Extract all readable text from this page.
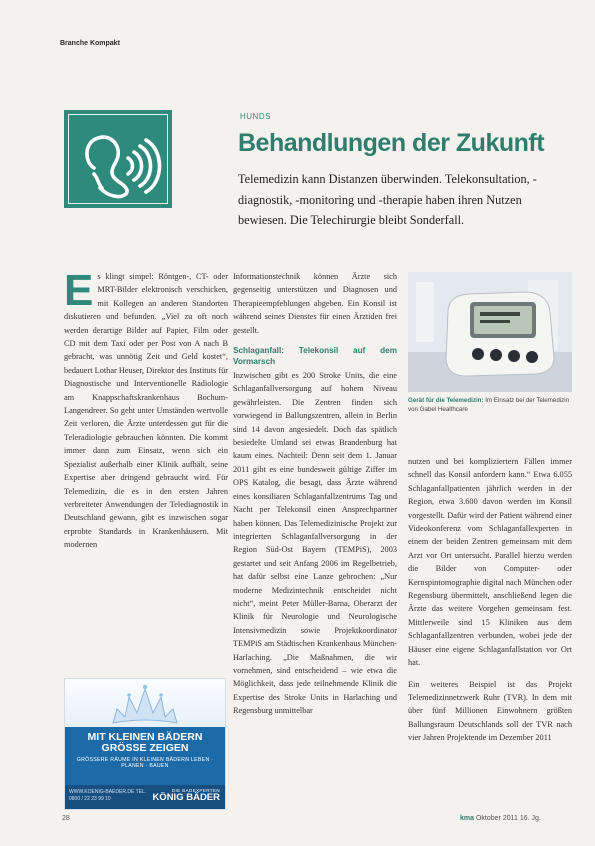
Branche Kompakt
HUNDS
Behandlungen der Zukunft
Telemedizin kann Distanzen überwinden. Telekonsultation, -diagnostik, -monitoring und -therapie haben ihren Nutzen bewiesen. Die Telechirurgie bleibt Sonderfall.
E s klingt simpel: Röntgen-, CT- oder MRT-Bilder elektronisch verschicken, mit Kollegen an anderen Standorten diskutieren und befunden. „Viel zu oft noch werden derartige Bilder auf Papier, Film oder CD mit dem Taxi oder per Post von A nach B gebracht, was unnötig Zeit und Geld kostet“, bedauert Lothar Heuser, Direktor des Instituts für Diagnostische und Interventionelle Radiologie am Knappschaftskrankenhaus Bochum-Langendreer. So geht unter Umständen wertvolle Zeit verloren, die Ärzte unterdessen gut für die Teleradiologie gebrauchen könnten. Die kommt immer dann zum Einsatz, wenn sich ein Spezialist außerhalb einer Klinik aufhält, seine Expertise aber dringend gebraucht wird. Für Telemedizin, die es in den ersten Jahren verbreiteter Anwendungen der Telediagnostik in Deutschland gewann, gibt es inzwischen sogar erprobte Standards in Krankenhäusern. Mit modernen

Informationstechnik können Ärzte sich gegenseitig unterstützen und Diagnosen und Therapieempfehlungen abgeben. Ein Konsil ist während seines Dienstes für einen Ärztiden frei gestellt.

Schlaganfall: Telekonsil auf dem Vormarsch

Inzwischen gibt es 200 Stroke Units, die eine Schlaganfallversorgung auf hohem Niveau gewährleisten. Die Zentren finden sich vorwiegend in Ballungszentren, allein in Berlin sind 14 davon angesiedelt. Doch das spätlich besiedelte Umland sei etwas Brandenburg hat kaum eines. Nachteil: Denn seit dem 1. Januar 2011 gibt es eine bundesweit gültige Ziffer im OPS Katalog, die besagt, dass Ärzte während eines konsiliaren Schlaganfallzentrums Tag und Nacht per Telekonsil einen Ansprechpartner haben können. Das Telemedizinische Projekt zur integrierten Schlaganfallversorgung in der Region Süd-Ost Bayern (TEMPiS), 2003 gestartet und seit Anfang 2006 im Regelbetrieb, hat dafür selbst eine Lanze gebrochen: „Nur moderne Medizintechnik entscheidet nicht nicht“, meint Peter Müller-Barna, Oberarzt der Klinik für Neurologie und Neurologische Intensivmedizin sowie Projektkoordinator TEMPiS am Städtischen Krankenhaus München-Harlaching. „Die Maßnahmen, die wir vornehmen, sind entscheidend – wie etwa die Möglichkeit, dass jede teilnehmende Klinik die Expertise des Stroke Units in Harlaching und Regensburg unmittelbar

Gerät für die Telemedizin: Im Einsatz bei der Telemedizin von Gabel Healthcare

nutzen und bei kompliziertern Fällen immer schnell das Konsil anfordern kann.“ Etwa 6.055 Schlaganfallpatienten jährlich werden in der Region, etwa 3.600 davon werden im Konsil vorgestellt. Dafür wird der Patient während einer Videokonferenz vom Schlaganfallexperten in einem der beiden Zentren gemeinsam mit dem Arzt vor Ort untersucht. Parallel hierzu werden die Bilder von Computer- oder Kernspintomographie digital nach München oder Regensburg übermittelt, anschließend legen die Ärzte das weitere Vorgehen gemeinsam fest. Mittlerweile sind 15 Kliniken aus dem Schlaganfallzentren verbunden, wobei jede der Häuser eine eigene Schlaganfallstation vor Ort hat.

Ein weiteres Beispiel ist das Projekt Telemedizinnetzwerk Ruhr (TVR). In dem mit über fünf Millionen Einwohnern größten Ballungsraum Deutschlands soll der TVR nach vier Jahren Projektende im Dezember 2011

MIT KLEINEN BÄDERN GRÖSSE ZEIGEN
GRÖSSERE RÄUME IN KLEINEN BÄDERN LEBEN · PLANEN · BAUEN
WWW.KOENIG-BAEDER.DE TEL. 0800 / 22 23 99 10
DIE BADEXPERTEN
KÖNIG BÄDER
28	kma Oktober 2011 16. Jg.
